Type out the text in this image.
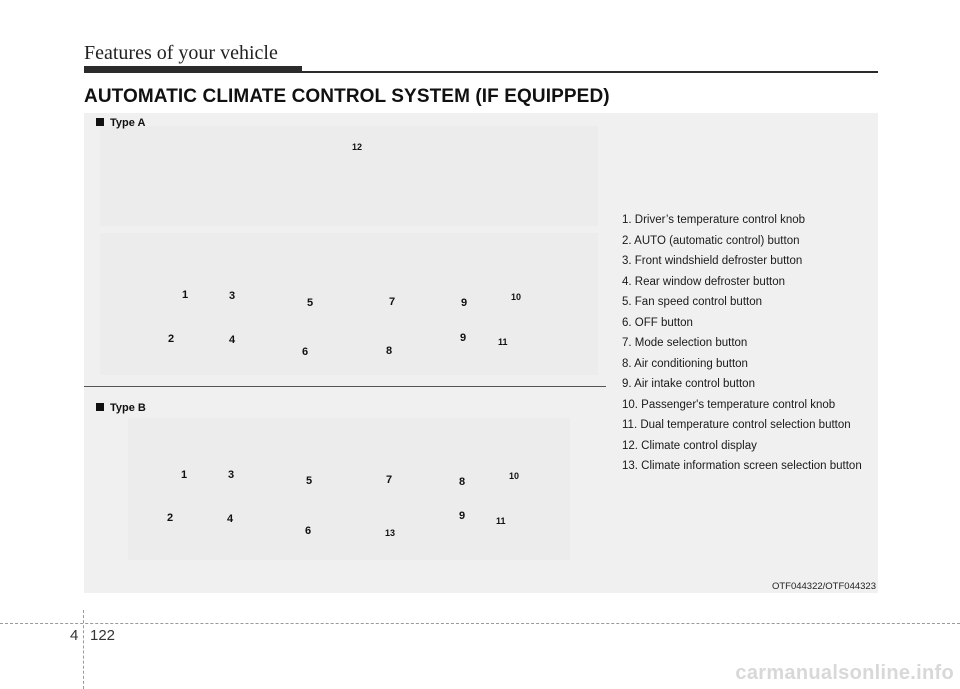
Features of your vehicle
AUTOMATIC CLIMATE CONTROL SYSTEM (IF EQUIPPED)
Type A
Type B
12
1	3
5	7	9	10
2	4
6	8
9	11
1	3	5	7	8	10
2	4
6	13
9	11
1. Driver’s temperature control knob
2. AUTO (automatic control) button
3. Front windshield defroster button
4. Rear window defroster button
5. Fan speed control button
6. OFF button
7. Mode selection button
8. Air conditioning button
9. Air intake control button
10. Passenger's temperature control knob
11. Dual temperature control selection button
12. Climate control display
13. Climate information screen selection button
OTF044322/OTF044323
4 122
carmanualsonline.info
